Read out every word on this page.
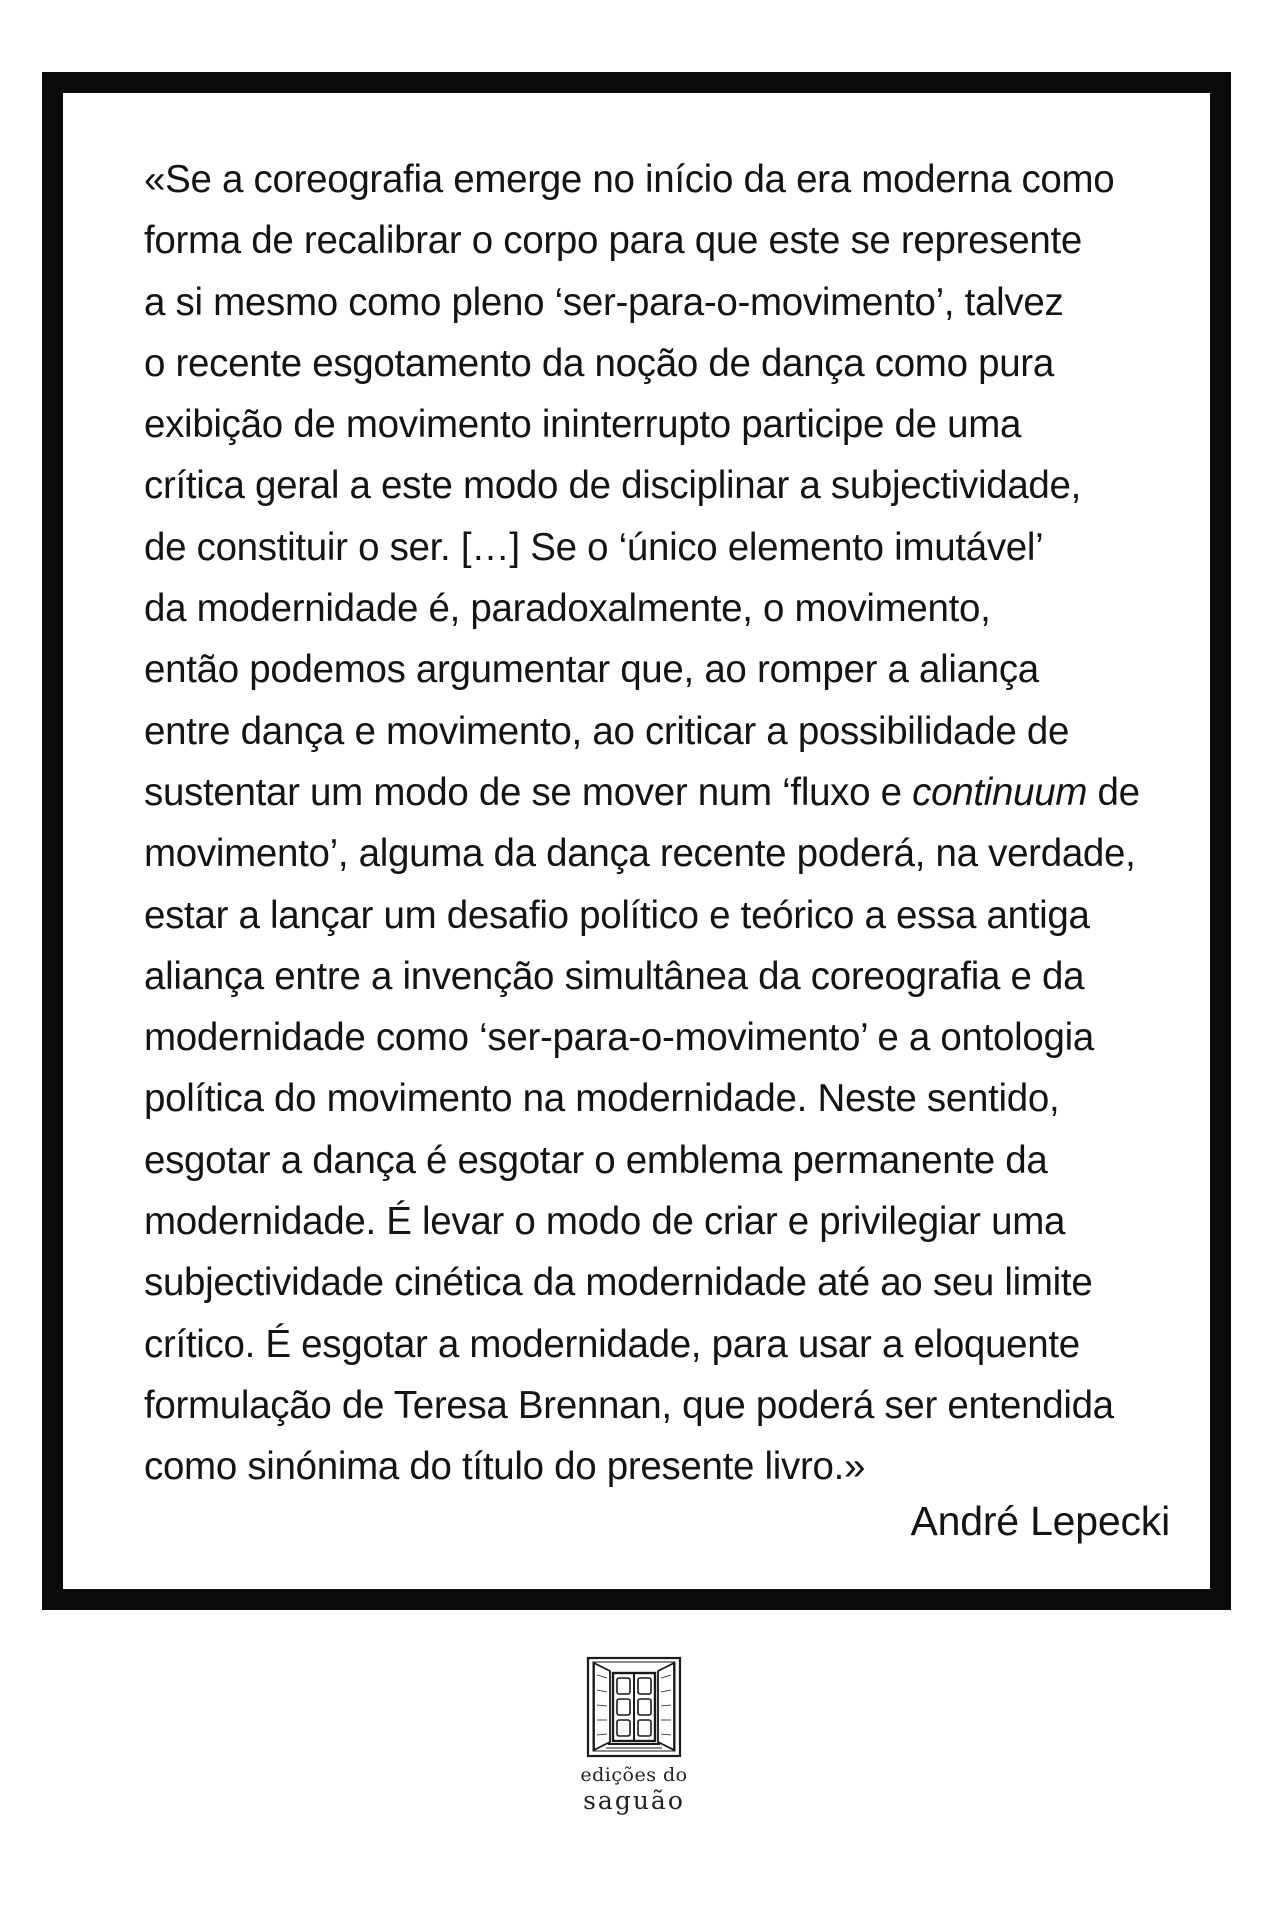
«Se a coreografia emerge no início da era moderna como
forma de recalibrar o corpo para que este se represente
a si mesmo como pleno ‘ser-para-o-movimento’, talvez
o recente esgotamento da noção de dança como pura
exibição de movimento ininterrupto participe de uma
crítica geral a este modo de disciplinar a subjectividade,
de constituir o ser. […] Se o ‘único elemento imutável’
da modernidade é, paradoxalmente, o movimento,
então podemos argumentar que, ao romper a aliança
entre dança e movimento, ao criticar a possibilidade de
sustentar um modo de se mover num ‘fluxo e continuum de
movimento’, alguma da dança recente poderá, na verdade,
estar a lançar um desafio político e teórico a essa antiga
aliança entre a invenção simultânea da coreografia e da
modernidade como ‘ser-para-o-movimento’ e a ontologia
política do movimento na modernidade. Neste sentido,
esgotar a dança é esgotar o emblema permanente da
modernidade. É levar o modo de criar e privilegiar uma
subjectividade cinética da modernidade até ao seu limite
crítico. É esgotar a modernidade, para usar a eloquente
formulação de Teresa Brennan, que poderá ser entendida
como sinónima do título do presente livro.»

André Lepecki

edições do
saguão
